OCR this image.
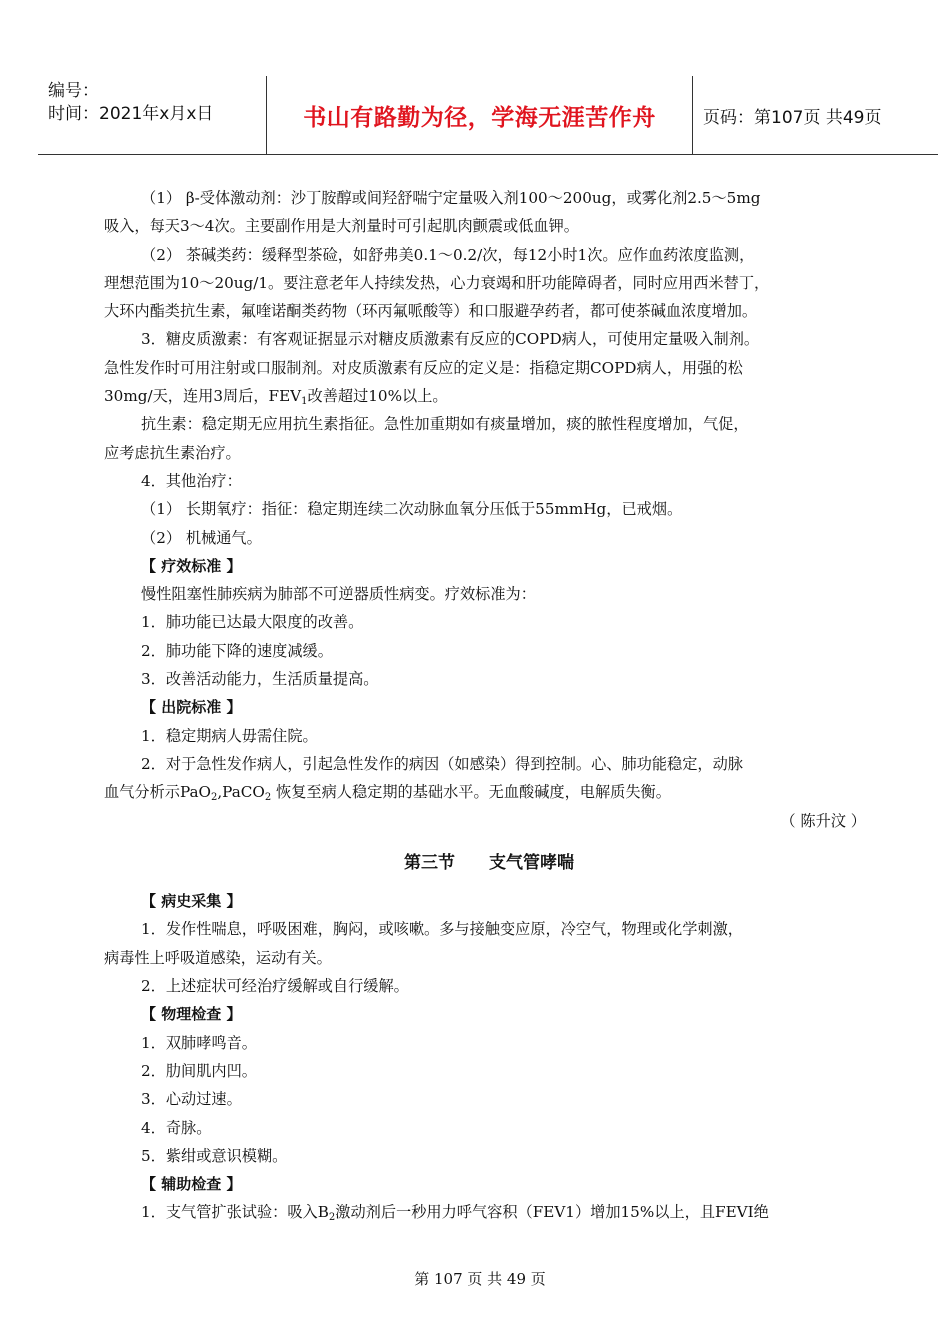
编号：
时间：2021年x月x日	书山有路勤为径，学海无涯苦作舟	页码：第107页 共49页

（1） β-受体激动剂：沙丁胺醇或间羟舒喘宁定量吸入剂100～200ug，或雾化剂2.5～5mg

吸入，每天3～4次。主要副作用是大剂量时可引起肌肉颤震或低血钾。

（2） 茶碱类药：缓释型茶硷，如舒弗美0.1～0.2/次，每12小时1次。应作血药浓度监测，

理想范围为10～20ug/1。要注意老年人持续发热，心力衰竭和肝功能障碍者，同时应用西米替丁，

大环内酯类抗生素，氟喹诺酮类药物（环丙氟哌酸等）和口服避孕药者，都可使茶碱血浓度增加。

3．糖皮质激素：有客观证据显示对糖皮质激素有反应的COPD病人，可使用定量吸入制剂。

急性发作时可用注射或口服制剂。对皮质激素有反应的定义是：指稳定期COPD病人，用强的松

30mg/天，连用3周后，$FEV_1$改善超过10%以上。

抗生素：稳定期无应用抗生素指征。急性加重期如有痰量增加，痰的脓性程度增加，气促，

应考虑抗生素治疗。

4．其他治疗：

（1） 长期氧疗：指征：稳定期连续二次动脉血氧分压低于55mmHg，已戒烟。

（2） 机械通气。

【 疗效标准 】

慢性阻塞性肺疾病为肺部不可逆器质性病变。疗效标准为：

1．肺功能已达最大限度的改善。

2．肺功能下降的速度减缓。

3．改善活动能力，生活质量提高。

【 出院标准 】

1．稳定期病人毋需住院。

2．对于急性发作病人，引起急性发作的病因（如感染）得到控制。心、肺功能稳定，动脉

血气分析示PaO$_2$,PaCO$_2$ 恢复至病人稳定期的基础水平。无血酸碱度，电解质失衡。

（ 陈升汶 ）

第三节 支气管哮喘

【 病史采集 】

1．发作性喘息，呼吸困难，胸闷，或咳嗽。多与接触变应原，冷空气，物理或化学刺激，

病毒性上呼吸道感染，运动有关。

2．上述症状可经治疗缓解或自行缓解。

【 物理检查 】

1．双肺哮鸣音。

2．肋间肌内凹。

3．心动过速。

4．奇脉。

5．紫绀或意识模糊。

【 辅助检查 】

1．支气管扩张试验：吸入$B_2$激动剂后一秒用力呼气容积（FEV1）增加15%以上，且FEVI绝

第 107 页 共 49 页
